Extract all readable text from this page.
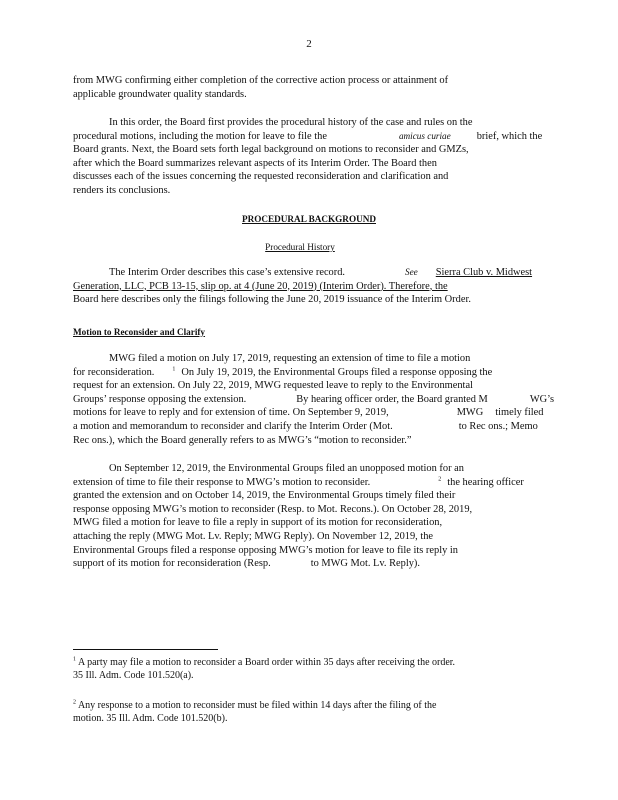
2
from MWG confirming either completion of the corrective action process or attainment of
applicable groundwater quality standards.
In this order, the Board first provides the procedural history of the case and rules on the
procedural motions, including the motion for leave to file the	amicus curiae	brief, which the
Board grants. Next, the Board sets forth legal background on motions to reconsider and GMZs,
after which the Board summarizes relevant aspects of its Interim Order. The Board then
discusses each of the issues concerning the requested reconsideration and clarification and
renders its conclusions.
PROCEDURAL BACKGROUND
Procedural History
The Interim Order describes this case’s extensive record.	See Sierra Club v. Midwest
Generation, LLC, PCB 13-15, slip op. at 4 (June 20, 2019) (Interim Order). Therefore, the
Board here describes only the filings following the June 20, 2019 issuance of the Interim Order.
Motion to Reconsider and Clarify
MWG filed a motion on July 17, 2019, requesting an extension of time to file a motion
for reconsideration.	$^1$ On July 19, 2019, the Environmental Groups filed a response opposing the
request for an extension. On July 22, 2019, MWG requested leave to reply to the Environmental
Groups’ response opposing the extension.	By hearing officer order, the Board granted M	WG’s
motions for leave to reply and for extension of time. On September 9, 2019,	MWG timely filed
a motion and memorandum to reconsider and clarify the Interim Order (Mot.	to Rec ons.; Memo
Rec ons.), which the Board generally refers to as MWG’s “motion to reconsider.”
On September 12, 2019, the Environmental Groups filed an unopposed motion for an
extension of time to file their response to MWG’s motion to reconsider.	$^2$ the hearing officer
granted the extension and on October 14, 2019, the Environmental Groups timely filed their
response opposing MWG’s motion to reconsider (Resp. to Mot. Recons.). On October 28, 2019,
MWG filed a motion for leave to file a reply in support of its motion for reconsideration,
attaching the reply (MWG Mot. Lv. Reply; MWG Reply). On November 12, 2019, the
Environmental Groups filed a response opposing MWG’s motion for leave to file its reply in
support of its motion for reconsideration (Resp.	to MWG Mot. Lv. Reply).
$^1$ A party may file a motion to reconsider a Board order within 35 days after receiving the order.
35 Ill. Adm. Code 101.520(a).
$^2$ Any response to a motion to reconsider must be filed within 14 days after the filing of the
motion. 35 Ill. Adm. Code 101.520(b).
